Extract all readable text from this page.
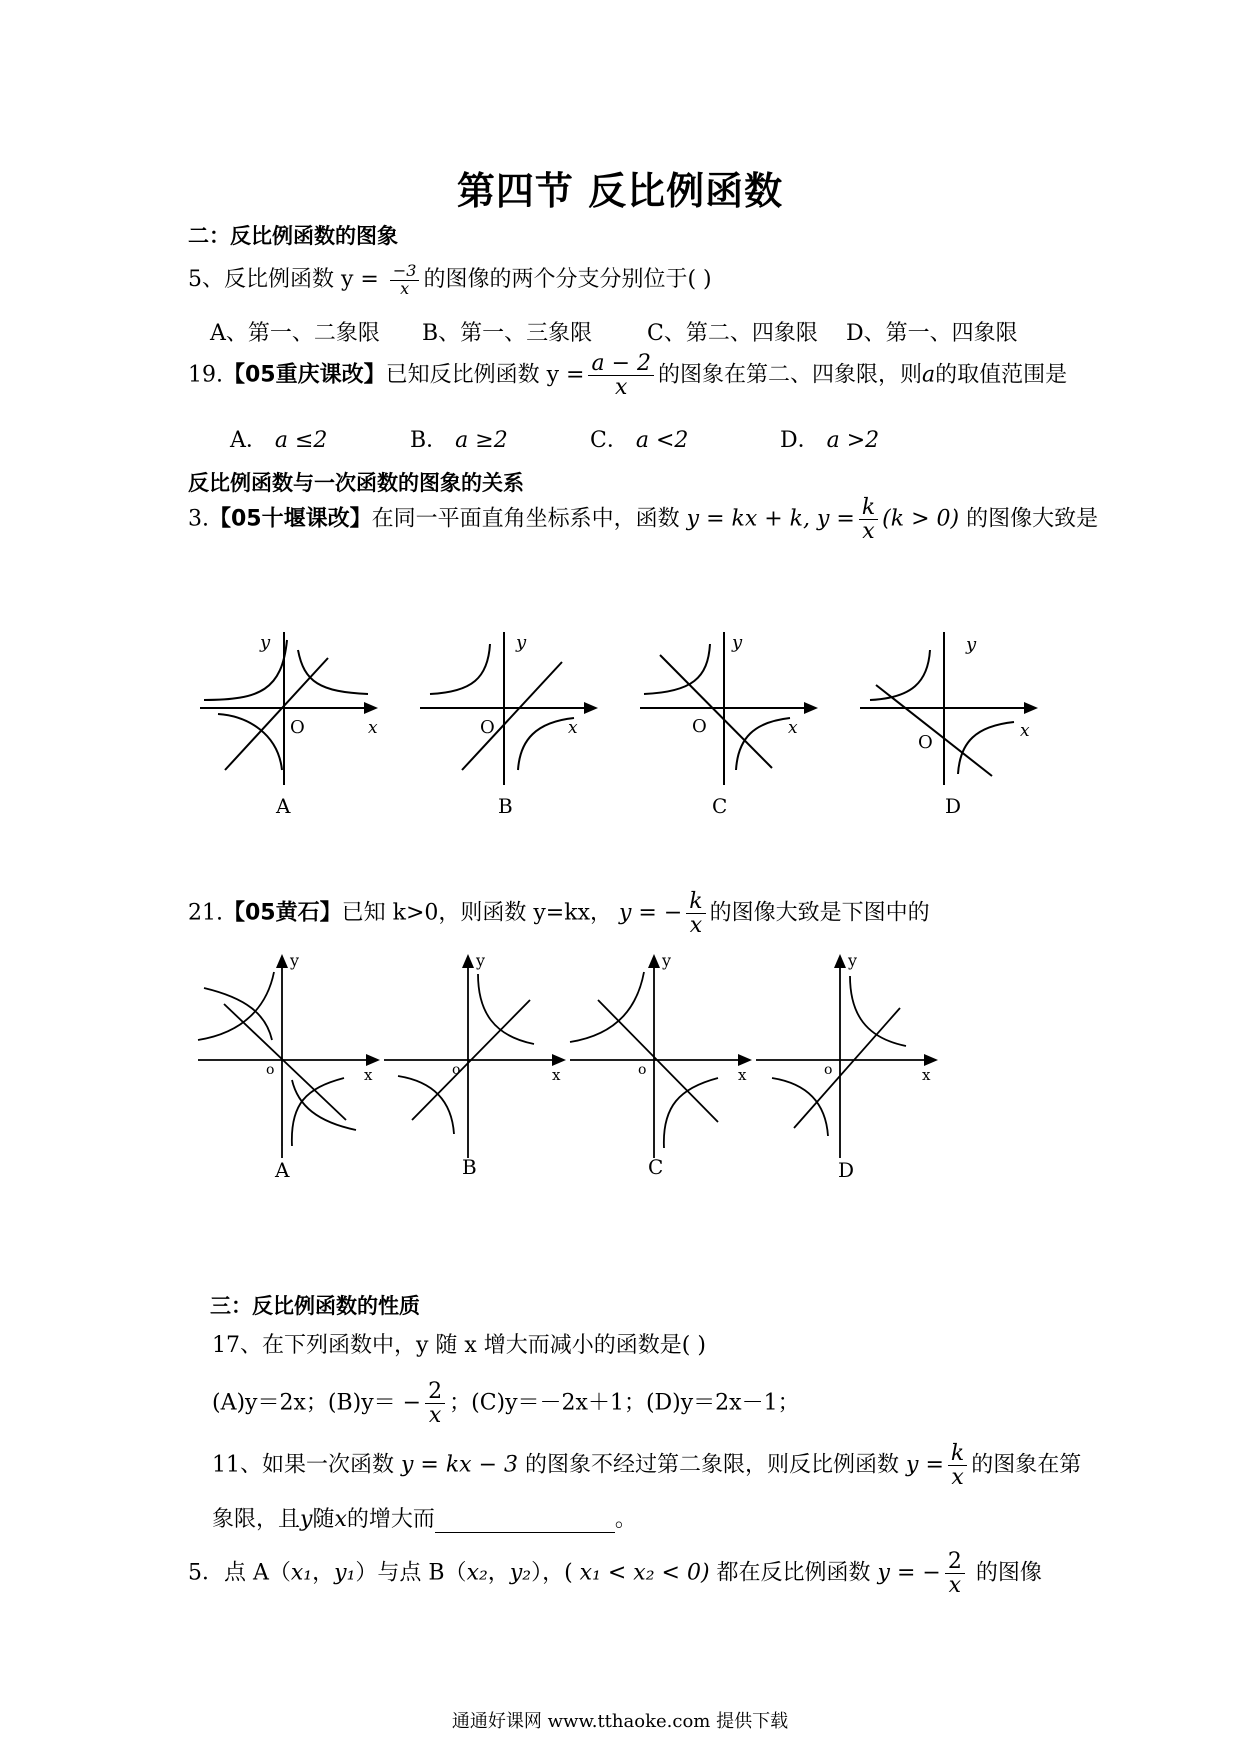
第四节 反比例函数
二：反比例函数的图象
5、反比例函数 $y = \frac{-3}{x}$ 的图像的两个分支分别位于( )
A、第一、二象限 B、第一、三象限 C、第二、四象限 D、第一、四象限
19.【05重庆课改】已知反比例函数 $y = \frac{a - 2}{x}$ 的图象在第二、四象限，则a的取值范围是
A． a ≤2	B． a ≥2	C． a <2	D． a >2
反比例函数与一次函数的图象的关系
3.【05十堰课改】在同一平面直角坐标系中，函数 y = kx + k, $y = \frac{k}{x} (k > 0)$ 的图像大致是
y
O	x
y
O	x
y
O	x
y
O
x
A	B	C	D
21.【05黄石】已知 k>0，则函数 y=kx， y = − $\frac{k}{x}$ 的图像大致是下图中的
y
o	x
y
o	x
y
o	x
y
o	x
A	B	C	D
三：反比例函数的性质
17、在下列函数中，y 随 x 增大而减小的函数是( )
(A)y＝2x；$(B)y= - \frac{2}{x}$ ；(C)y＝－2x＋1；(D)y＝2x－1；
11、如果一次函数 y = kx − 3 的图象不经过第二象限，则反比例函数 $y = \frac{k}{x}$ 的图象在第
象限，且y随x的增大而	。
5．点 A（x₁，y₁）与点 B（x₂，y₂），( x₁ < x₂ < 0) 都在反比例函数 y = − $\frac{2}{x}$ 的图像
通通好课网 www.tthaoke.com 提供下载
